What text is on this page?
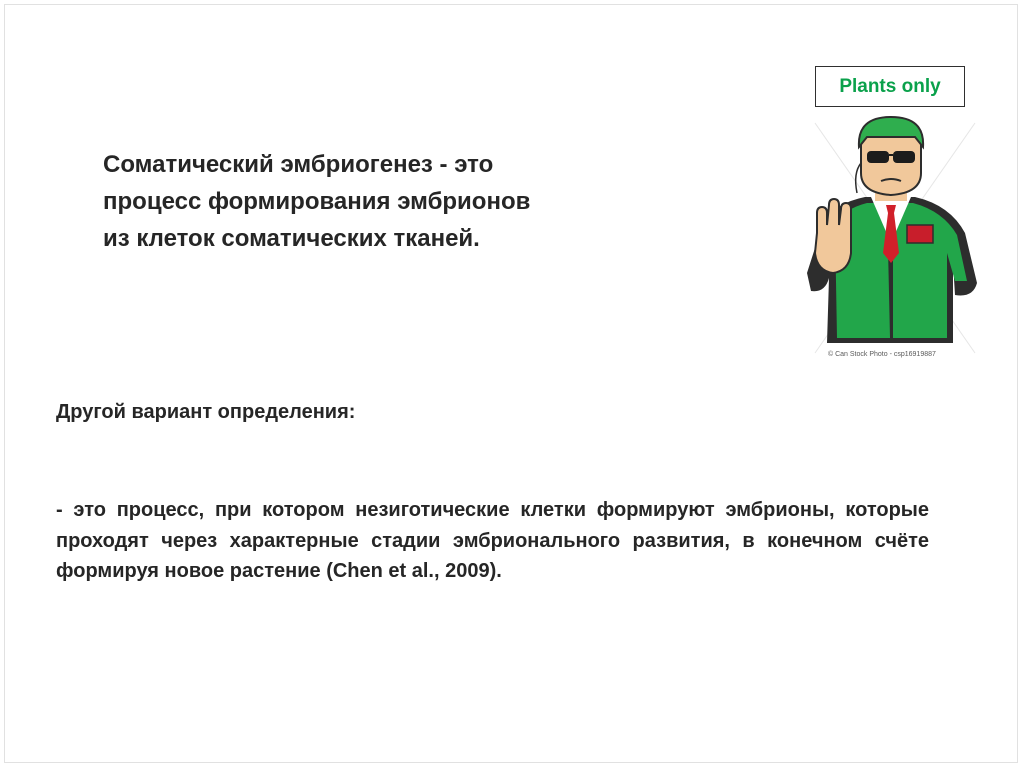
Plants only
Соматический эмбриогенез - это
процесс формирования эмбрионов
из клеток соматических тканей.
© Can Stock Photo - csp16919887
Другой вариант определения:
- это процесс, при котором незиготические клетки формируют эмбрионы, которые проходят через характерные стадии эмбрионального развития, в конечном счёте формируя новое растение (Chen et al., 2009).
